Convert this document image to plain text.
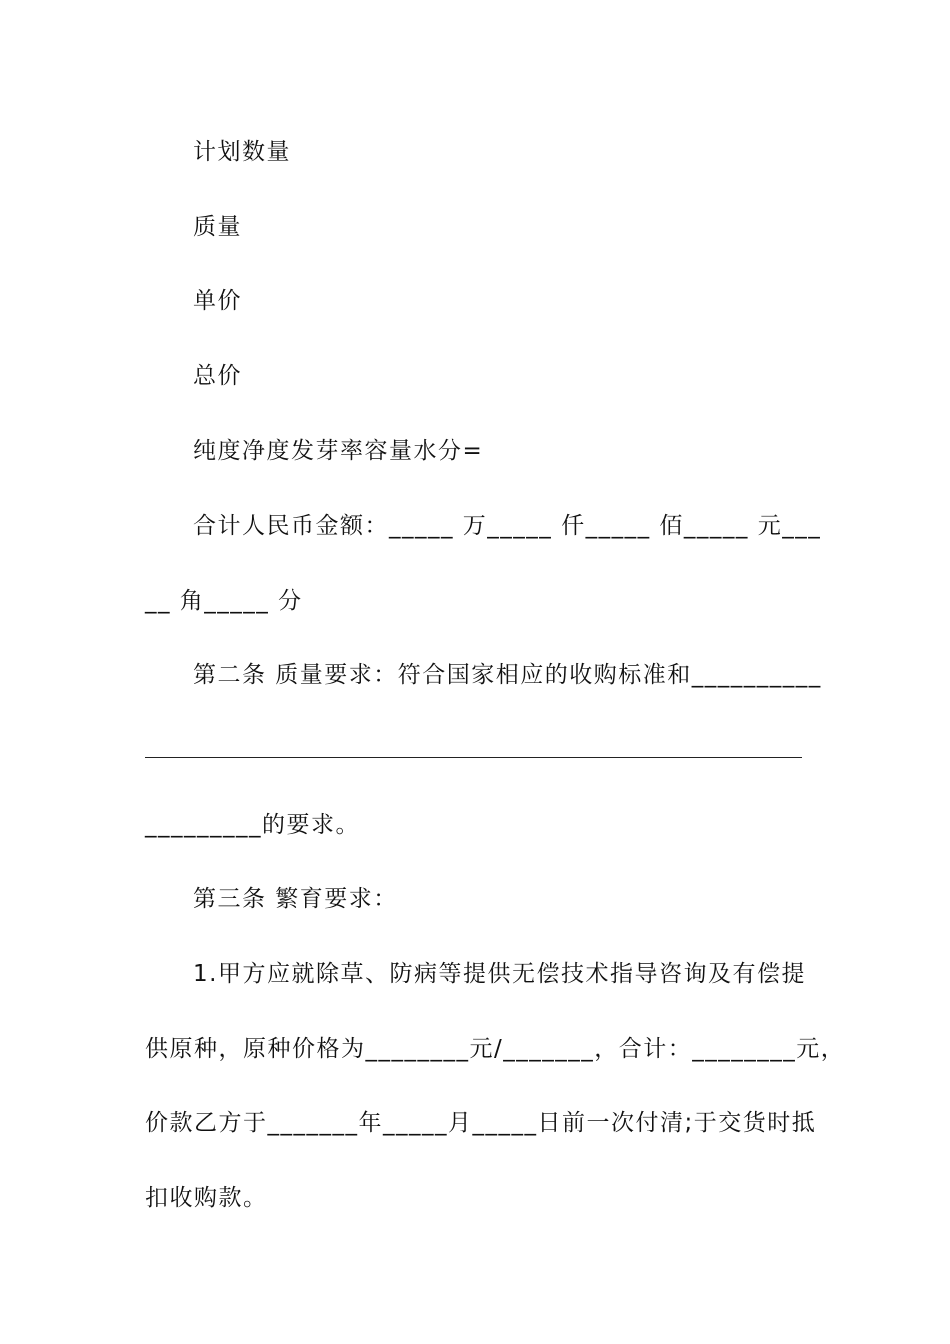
计划数量
质量
单价
总价
纯度净度发芽率容量水分=
合计人民币金额：_____ 万_____ 仟_____ 佰_____ 元___
__ 角_____ 分
第二条 质量要求：符合国家相应的收购标准和__________
_________的要求。
第三条 繁育要求：
1.甲方应就除草、防病等提供无偿技术指导咨询及有偿提
供原种，原种价格为________元/_______，合计：________元，
价款乙方于_______年_____月_____日前一次付清;于交货时抵
扣收购款。
